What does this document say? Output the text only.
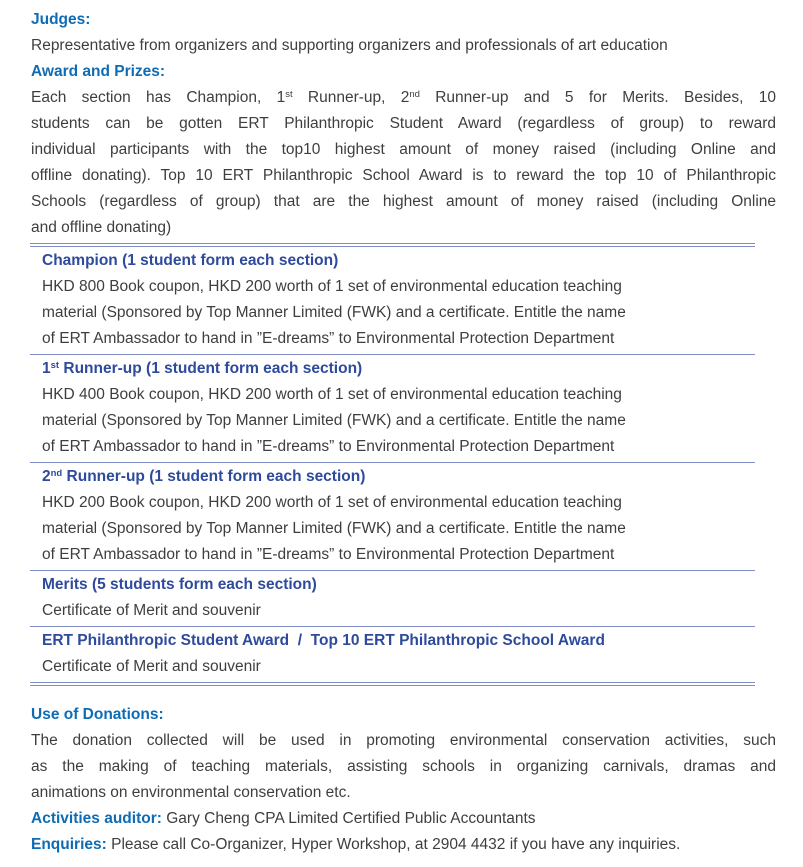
Judges:
Representative from organizers and supporting organizers and professionals of art education
Award and Prizes:
Each section has Champion, 1st Runner-up, 2nd Runner-up and 5 for Merits. Besides, 10
students can be gotten ERT Philanthropic Student Award (regardless of group) to reward
individual participants with the top10 highest amount of money raised (including Online and
offline donating). Top 10 ERT Philanthropic School Award is to reward the top 10 of Philanthropic
Schools (regardless of group) that are the highest amount of money raised (including Online
and offline donating)
Champion (1 student form each section)
HKD 800 Book coupon, HKD 200 worth of 1 set of environmental education teaching
material (Sponsored by Top Manner Limited (FWK) and a certificate. Entitle the name
of ERT Ambassador to hand in ”E-dreams” to Environmental Protection Department
1st Runner-up (1 student form each section)
HKD 400 Book coupon, HKD 200 worth of 1 set of environmental education teaching
material (Sponsored by Top Manner Limited (FWK) and a certificate. Entitle the name
of ERT Ambassador to hand in ”E-dreams” to Environmental Protection Department
2nd Runner-up (1 student form each section)
HKD 200 Book coupon, HKD 200 worth of 1 set of environmental education teaching
material (Sponsored by Top Manner Limited (FWK) and a certificate. Entitle the name
of ERT Ambassador to hand in ”E-dreams” to Environmental Protection Department
Merits (5 students form each section)
Certificate of Merit and souvenir
ERT Philanthropic Student Award  /  Top 10 ERT Philanthropic School Award
Certificate of Merit and souvenir
Use of Donations:
The donation collected will be used in promoting environmental conservation activities, such
as the making of teaching materials, assisting schools in organizing carnivals, dramas and
animations on environmental conservation etc.
Activities auditor: Gary Cheng CPA Limited Certified Public Accountants
Enquiries: Please call Co-Organizer, Hyper Workshop, at 2904 4432 if you have any inquiries.
